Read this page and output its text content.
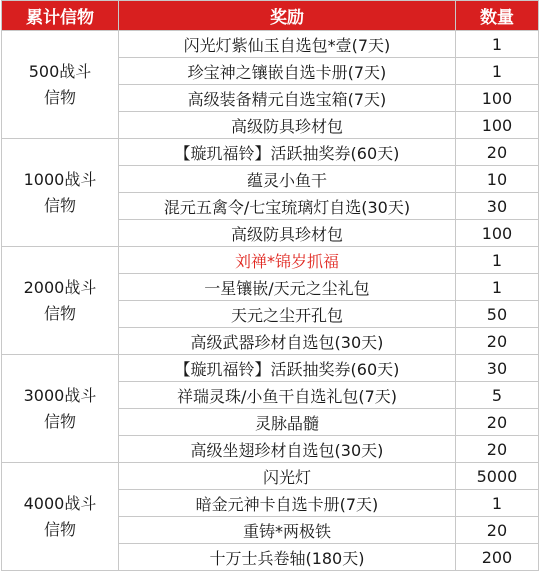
累计信物	奖励	数量

500战斗
信物	闪光灯紫仙玉自选包*壹(7天)	1
	珍宝神之镶嵌自选卡册(7天)	1
	高级装备精元自选宝箱(7天)	100
	高级防具珍材包	100

1000战斗
信物	【璇玑福铃】活跃抽奖券(60天)	20
	蕴灵小鱼干	10
	混元五禽令/七宝琉璃灯自选(30天)	30
	高级防具珍材包	100

2000战斗
信物	刘禅*锦岁抓福	1
	一星镶嵌/天元之尘礼包	1
	天元之尘开孔包	50
	高级武器珍材自选包(30天)	20

3000战斗
信物	【璇玑福铃】活跃抽奖券(60天)	30
	祥瑞灵珠/小鱼干自选礼包(7天)	5
	灵脉晶髓	20
	高级坐翅珍材自选包(30天)	20

4000战斗
信物	闪光灯	5000
	暗金元神卡自选卡册(7天)	1
	重铸*两极铁	20
	十万士兵卷轴(180天)	200
